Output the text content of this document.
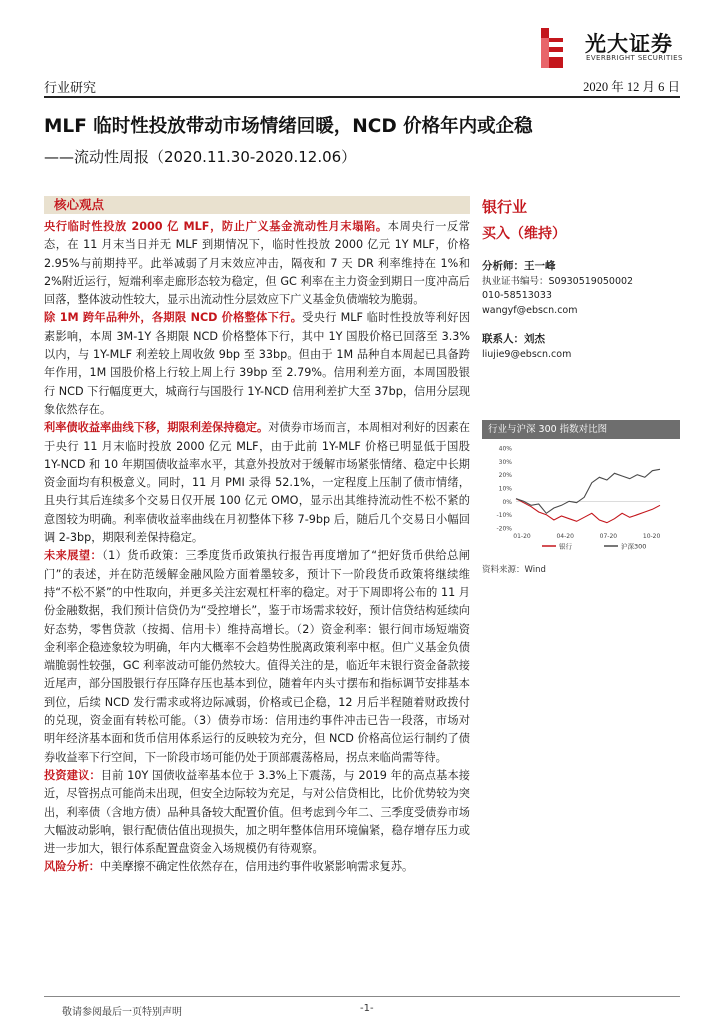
光大证券
EVERBRIGHT SECURITIES
行业研究	2020 年 12 月 6 日
MLF 临时性投放带动市场情绪回暖，NCD 价格年内或企稳
——流动性周报（2020.11.30-2020.12.06）
核心观点

央行临时性投放 2000 亿 MLF，防止广义基金流动性月末塌陷。本周央行一反常态，在 11 月末当日并无 MLF 到期情况下，临时性投放 2000 亿元 1Y MLF，价格 2.95%与前期持平。此举减弱了月末效应冲击，隔夜和 7 天 DR 利率维持在 1%和 2%附近运行，短端利率走廊形态较为稳定，但 GC 利率在主力资金到期日一度冲高后回落，整体波动性较大，显示出流动性分层效应下广义基金负债端较为脆弱。

除 1M 跨年品种外，各期限 NCD 价格整体下行。受央行 MLF 临时性投放等利好因素影响，本周 3M-1Y 各期限 NCD 价格整体下行，其中 1Y 国股价格已回落至 3.3%以内，与 1Y-MLF 利差较上周收敛 9bp 至 33bp。但由于 1M 品种自本周起已具备跨年作用，1M 国股价格上行较上周上行 39bp 至 2.79%。信用利差方面，本周国股银行 NCD 下行幅度更大，城商行与国股行 1Y-NCD 信用利差扩大至 37bp，信用分层现象依然存在。

利率债收益率曲线下移，期限利差保持稳定。对债券市场而言，本周相对利好的因素在于央行 11 月末临时投放 2000 亿元 MLF，由于此前 1Y-MLF 价格已明显低于国股 1Y-NCD 和 10 年期国债收益率水平，其意外投放对于缓解市场紧张情绪、稳定中长期资金面均有积极意义。同时，11 月 PMI 录得 52.1%，一定程度上压制了债市情绪，且央行其后连续多个交易日仅开展 100 亿元 OMO，显示出其维持流动性不松不紧的意图较为明确。利率债收益率曲线在月初整体下移 7-9bp 后，随后几个交易日小幅回调 2-3bp，期限利差保持稳定。

未来展望：（1）货币政策：三季度货币政策执行报告再度增加了“把好货币供给总闸门”的表述，并在防范缓解金融风险方面着墨较多，预计下一阶段货币政策将继续维持“不松不紧”的中性取向，并更多关注宏观杠杆率的稳定。对于下周即将公布的 11 月份金融数据，我们预计信贷仍为“受控增长”，鉴于市场需求较好，预计信贷结构延续向好态势，零售贷款（按揭、信用卡）维持高增长。（2）资金利率：银行间市场短端资金利率企稳迹象较为明确，年内大概率不会趋势性脱离政策利率中枢。但广义基金负债端脆弱性较强，GC 利率波动可能仍然较大。值得关注的是，临近年末银行资金备款接近尾声，部分国股银行存压降存压也基本到位，随着年内头寸摆布和指标调节安排基本到位，后续 NCD 发行需求或将边际减弱，价格或已企稳，12 月后半程随着财政拨付的兑现，资金面有转松可能。（3）债券市场：信用违约事件冲击已告一段落，市场对明年经济基本面和货币信用体系运行的反映较为充分，但 NCD 价格高位运行制约了债券收益率下行空间，下一阶段市场可能仍处于顶部震荡格局，拐点来临尚需等待。

投资建议：目前 10Y 国债收益率基本位于 3.3%上下震荡，与 2019 年的高点基本接近，尽管拐点可能尚未出现，但安全边际较为充足，与对公信贷相比，比价优势较为突出，利率债（含地方债）品种具备较大配置价值。但考虑到今年二、三季度受债券市场大幅波动影响，银行配债估值出现损失，加之明年整体信用环境偏紧，稳存增存压力或进一步加大，银行体系配置盘资金入场规模仍有待观察。

风险分析：中美摩擦不确定性依然存在，信用违约事件收紧影响需求复苏。

银行业
买入（维持）
分析师：王一峰
执业证书编号：S0930519050002
010-58513033
wangyf@ebscn.com
联系人：刘杰
liujie9@ebscn.com
行业与沪深 300 指数对比图
40%
30%
20%
10%
0%
-10%
-20%
01-20	04-20	07-20	10-20
银行	沪深300
资料来源：Wind
敬请参阅最后一页特别声明	-1-
